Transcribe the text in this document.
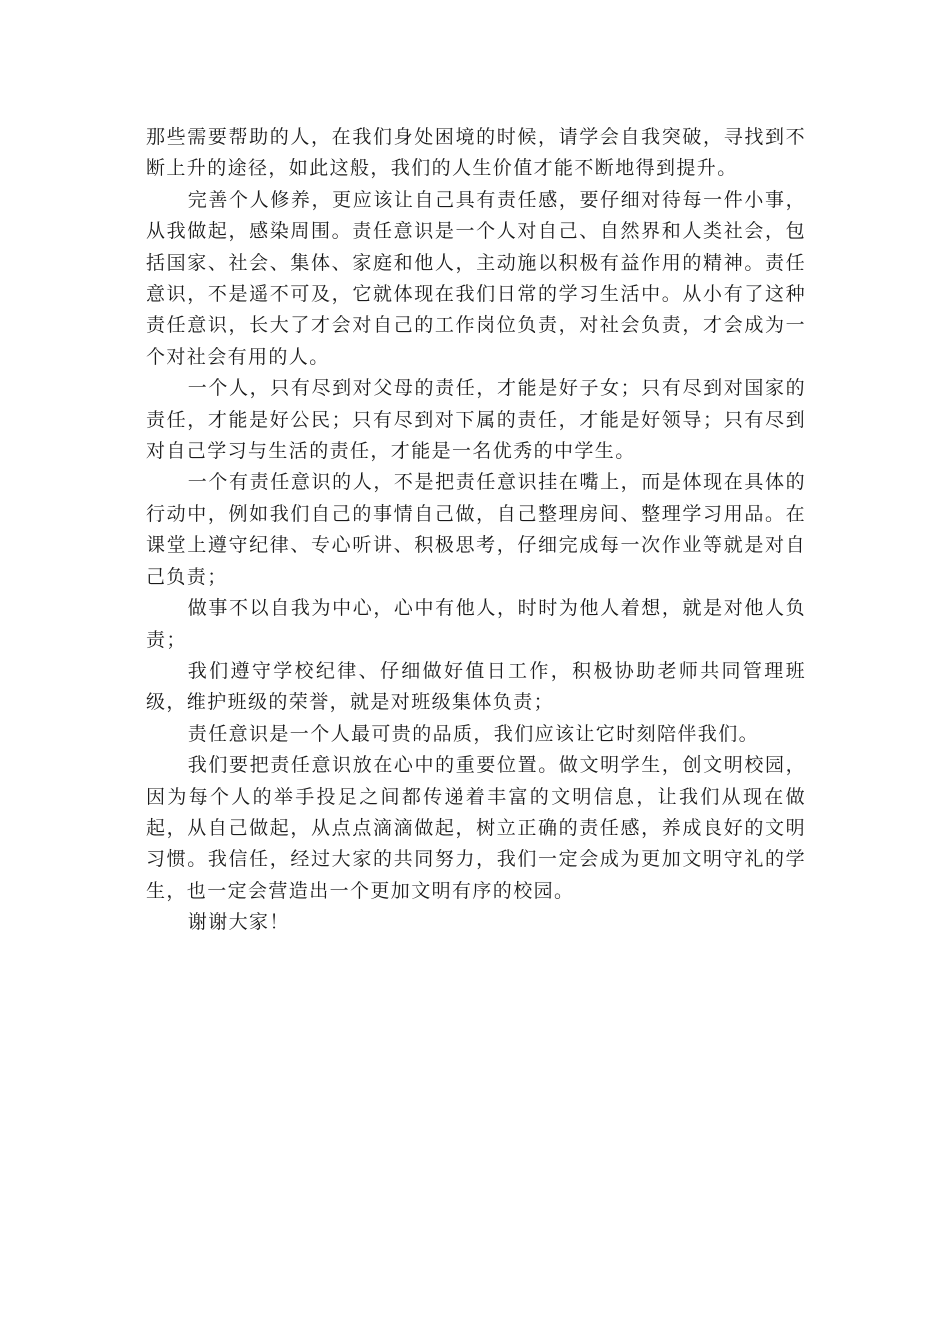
那些需要帮助的人，在我们身处困境的时候，请学会自我突破，寻找到不断上升的途径，如此这般，我们的人生价值才能不断地得到提升。

完善个人修养，更应该让自己具有责任感，要仔细对待每一件小事，从我做起，感染周围。责任意识是一个人对自己、自然界和人类社会，包括国家、社会、集体、家庭和他人，主动施以积极有益作用的精神。责任意识，不是遥不可及，它就体现在我们日常的学习生活中。从小有了这种责任意识，长大了才会对自己的工作岗位负责，对社会负责，才会成为一个对社会有用的人。

一个人，只有尽到对父母的责任，才能是好子女；只有尽到对国家的责任，才能是好公民；只有尽到对下属的责任，才能是好领导；只有尽到对自己学习与生活的责任，才能是一名优秀的中学生。

一个有责任意识的人，不是把责任意识挂在嘴上，而是体现在具体的行动中，例如我们自己的事情自己做，自己整理房间、整理学习用品。在课堂上遵守纪律、专心听讲、积极思考，仔细完成每一次作业等就是对自己负责；

做事不以自我为中心，心中有他人，时时为他人着想，就是对他人负责；

我们遵守学校纪律、仔细做好值日工作，积极协助老师共同管理班级，维护班级的荣誉，就是对班级集体负责；

责任意识是一个人最可贵的品质，我们应该让它时刻陪伴我们。

我们要把责任意识放在心中的重要位置。做文明学生，创文明校园，因为每个人的举手投足之间都传递着丰富的文明信息，让我们从现在做起，从自己做起，从点点滴滴做起，树立正确的责任感，养成良好的文明习惯。我信任，经过大家的共同努力，我们一定会成为更加文明守礼的学生，也一定会营造出一个更加文明有序的校园。

谢谢大家！
